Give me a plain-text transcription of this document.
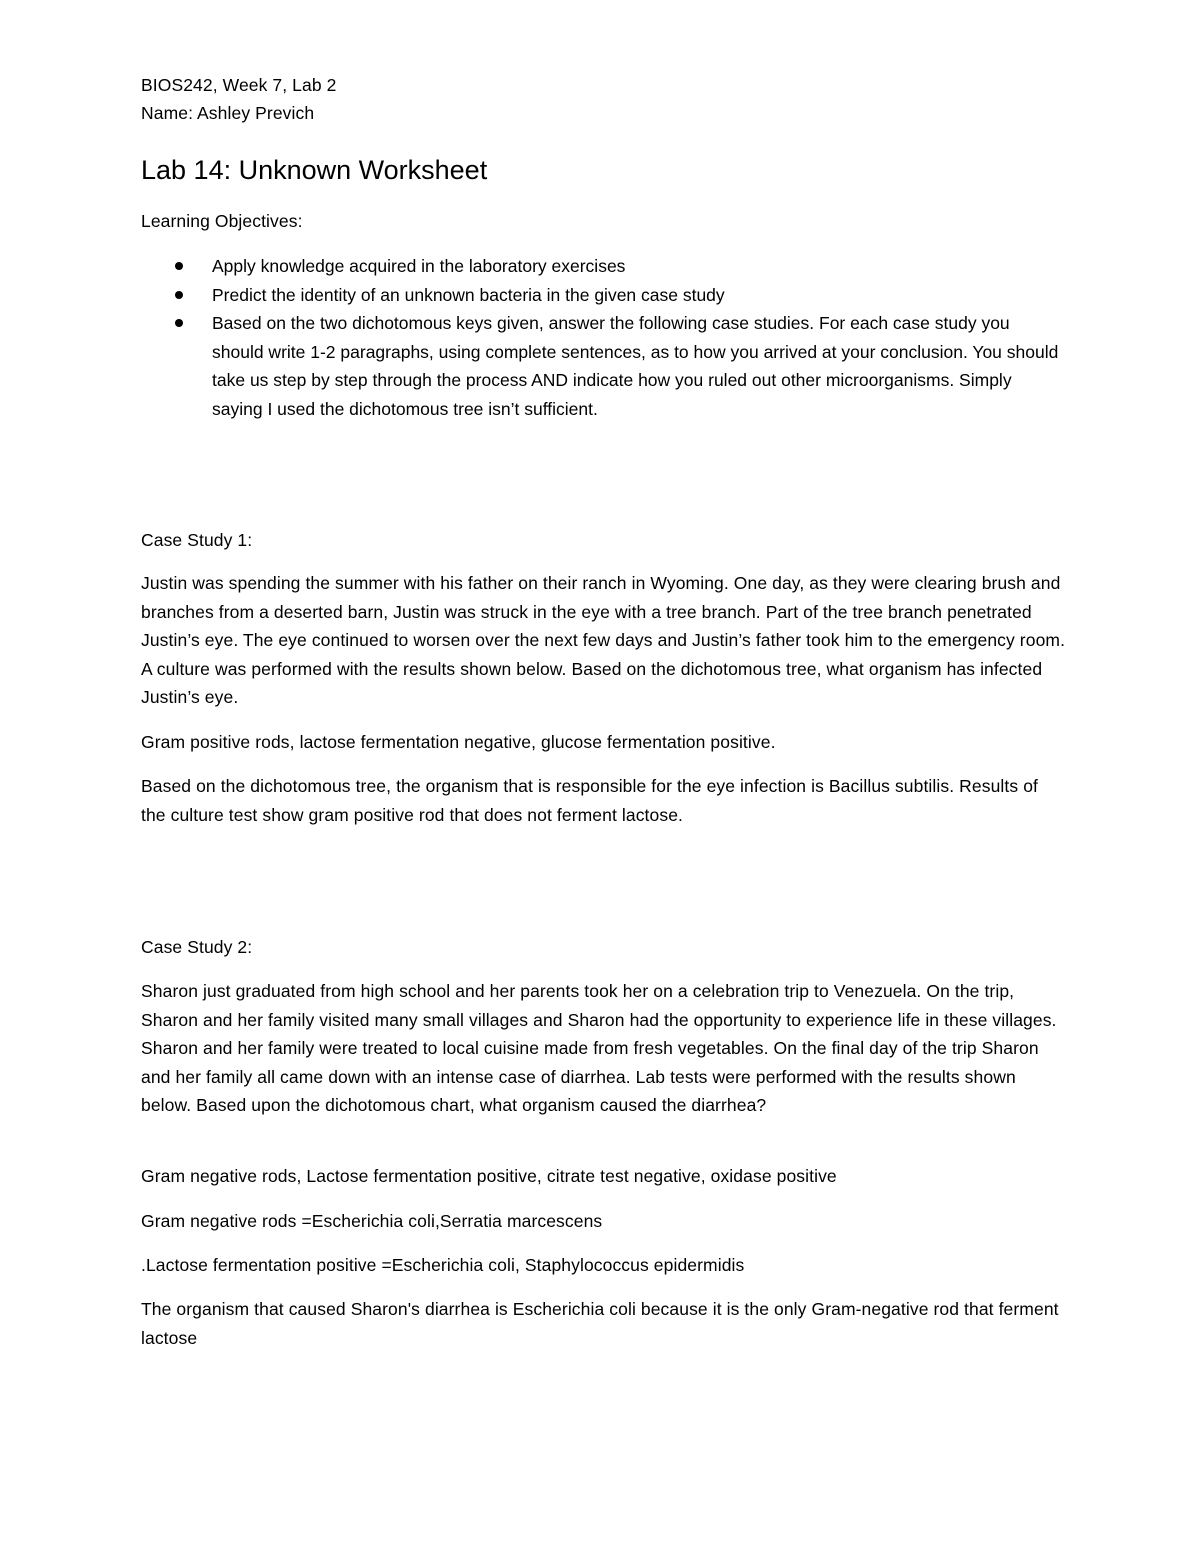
BIOS242, Week 7, Lab 2

Name: Ashley Previch

Lab 14: Unknown Worksheet

Learning Objectives:

Apply knowledge acquired in the laboratory exercises
Predict the identity of an unknown bacteria in the given case study
Based on the two dichotomous keys given, answer the following case studies. For each case study you should write 1-2 paragraphs, using complete sentences, as to how you arrived at your conclusion. You should take us step by step through the process AND indicate how you ruled out other microorganisms. Simply saying I used the dichotomous tree isn’t sufficient.

Case Study 1:

Justin was spending the summer with his father on their ranch in Wyoming. One day, as they were clearing brush and branches from a deserted barn, Justin was struck in the eye with a tree branch. Part of the tree branch penetrated Justin’s eye. The eye continued to worsen over the next few days and Justin’s father took him to the emergency room. A culture was performed with the results shown below. Based on the dichotomous tree, what organism has infected Justin’s eye.

Gram positive rods, lactose fermentation negative, glucose fermentation positive.

Based on the dichotomous tree, the organism that is responsible for the eye infection is Bacillus subtilis. Results of the culture test show gram positive rod that does not ferment lactose.

Case Study 2:

Sharon just graduated from high school and her parents took her on a celebration trip to Venezuela. On the trip, Sharon and her family visited many small villages and Sharon had the opportunity to experience life in these villages. Sharon and her family were treated to local cuisine made from fresh vegetables. On the final day of the trip Sharon and her family all came down with an intense case of diarrhea. Lab tests were performed with the results shown below. Based upon the dichotomous chart, what organism caused the diarrhea?

Gram negative rods, Lactose fermentation positive, citrate test negative, oxidase positive

Gram negative rods =Escherichia coli,Serratia marcescens

.Lactose fermentation positive =Escherichia coli, Staphylococcus epidermidis

The organism that caused Sharon's diarrhea is Escherichia coli because it is the only Gram-negative rod that ferment lactose
